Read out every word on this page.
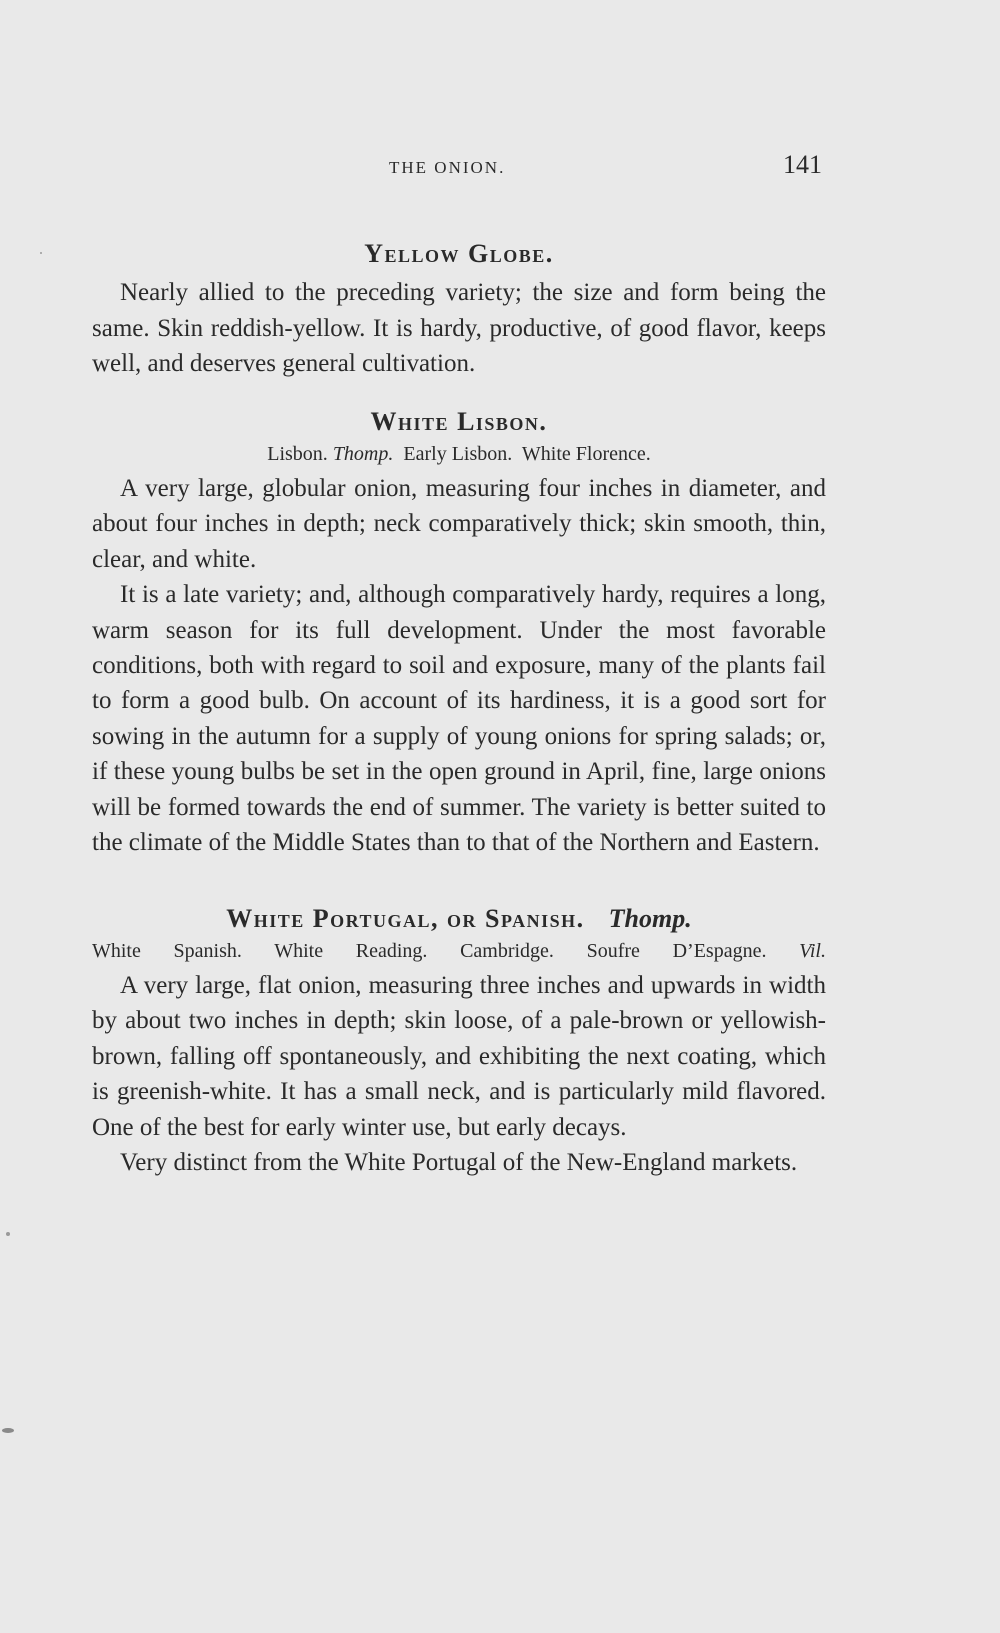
THE ONION.	141
Yellow Globe.

Nearly allied to the preceding variety; the size and form being the same. Skin reddish-yellow. It is hardy, productive, of good flavor, keeps well, and deserves general cultivation.

White Lisbon.

Lisbon. Thomp. Early Lisbon. White Florence.

A very large, globular onion, measuring four inches in diameter, and about four inches in depth; neck comparatively thick; skin smooth, thin, clear, and white.

It is a late variety; and, although comparatively hardy, requires a long, warm season for its full development. Under the most favorable conditions, both with regard to soil and exposure, many of the plants fail to form a good bulb. On account of its hardiness, it is a good sort for sowing in the autumn for a supply of young onions for spring salads; or, if these young bulbs be set in the open ground in April, fine, large onions will be formed towards the end of summer. The variety is better suited to the climate of the Middle States than to that of the Northern and Eastern.

White Portugal, or Spanish. Thomp.

White Spanish. White Reading. Cambridge. Soufre D’Espagne. Vil.

A very large, flat onion, measuring three inches and upwards in width by about two inches in depth; skin loose, of a pale-brown or yellowish-brown, falling off spontaneously, and exhibiting the next coating, which is greenish-white. It has a small neck, and is particularly mild flavored. One of the best for early winter use, but early decays.

Very distinct from the White Portugal of the New-England markets.
